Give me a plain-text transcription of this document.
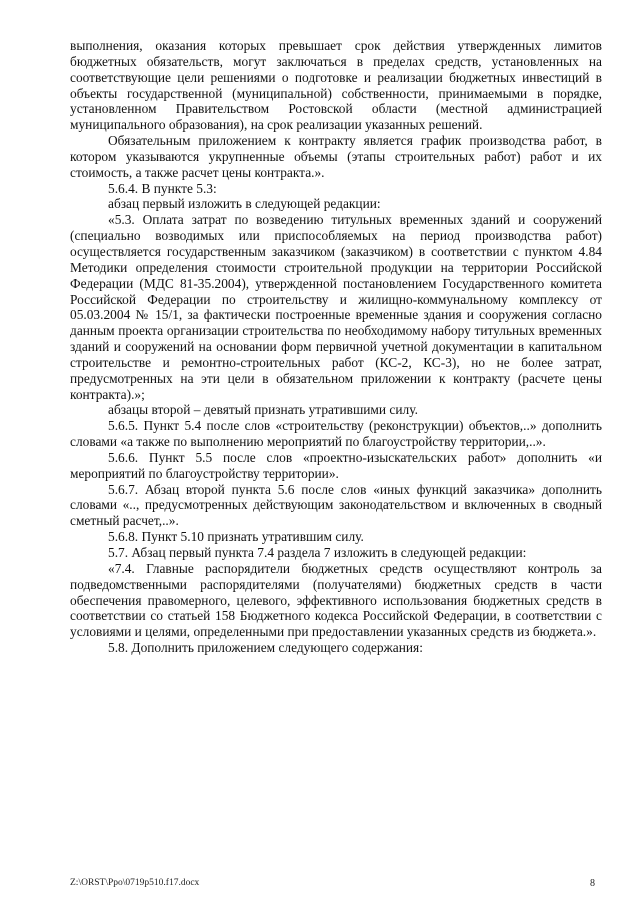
выполнения, оказания которых превышает срок действия утвержденных лимитов бюджетных обязательств, могут заключаться в пределах средств, установленных на соответствующие цели решениями о подготовке и реализации бюджетных инвестиций в объекты государственной (муниципальной) собственности, принимаемыми в порядке, установленном Правительством Ростовской области (местной администрацией муниципального образования), на срок реализации указанных решений.

Обязательным приложением к контракту является график производства работ, в котором указываются укрупненные объемы (этапы строительных работ) работ и их стоимость, а также расчет цены контракта.».

5.6.4. В пункте 5.3:

абзац первый изложить в следующей редакции:

«5.3. Оплата затрат по возведению титульных временных зданий и сооружений (специально возводимых или приспособляемых на период производства работ) осуществляется государственным заказчиком (заказчиком) в соответствии с пунктом 4.84 Методики определения стоимости строительной продукции на территории Российской Федерации (МДС 81-35.2004), утвержденной постановлением Государственного комитета Российской Федерации по строительству и жилищно-коммунальному комплексу от 05.03.2004 № 15/1, за фактически построенные временные здания и сооружения согласно данным проекта организации строительства по необходимому набору титульных временных зданий и сооружений на основании форм первичной учетной документации в капитальном строительстве и ремонтно-строительных работ (КС-2, КС-3), но не более затрат, предусмотренных на эти цели в обязательном приложении к контракту (расчете цены контракта).»;

абзацы второй – девятый признать утратившими силу.

5.6.5. Пункт 5.4 после слов «строительству (реконструкции) объектов,..» дополнить словами «а также по выполнению мероприятий по благоустройству территории,..».

5.6.6. Пункт 5.5 после слов «проектно-изыскательских работ» дополнить «и мероприятий по благоустройству территории».

5.6.7. Абзац второй пункта 5.6 после слов «иных функций заказчика» дополнить словами «.., предусмотренных действующим законодательством и включенных в сводный сметный расчет,..».

5.6.8. Пункт 5.10 признать утратившим силу.

5.7. Абзац первый пункта 7.4 раздела 7 изложить в следующей редакции:

«7.4. Главные распорядители бюджетных средств осуществляют контроль за подведомственными распорядителями (получателями) бюджетных средств в части обеспечения правомерного, целевого, эффективного использования бюджетных средств в соответствии со статьей 158 Бюджетного кодекса Российской Федерации, в соответствии с условиями и целями, определенными при предоставлении указанных средств из бюджета.».

5.8. Дополнить приложением следующего содержания:

Z:\ORST\Ppo\0719p510.f17.docx	8
